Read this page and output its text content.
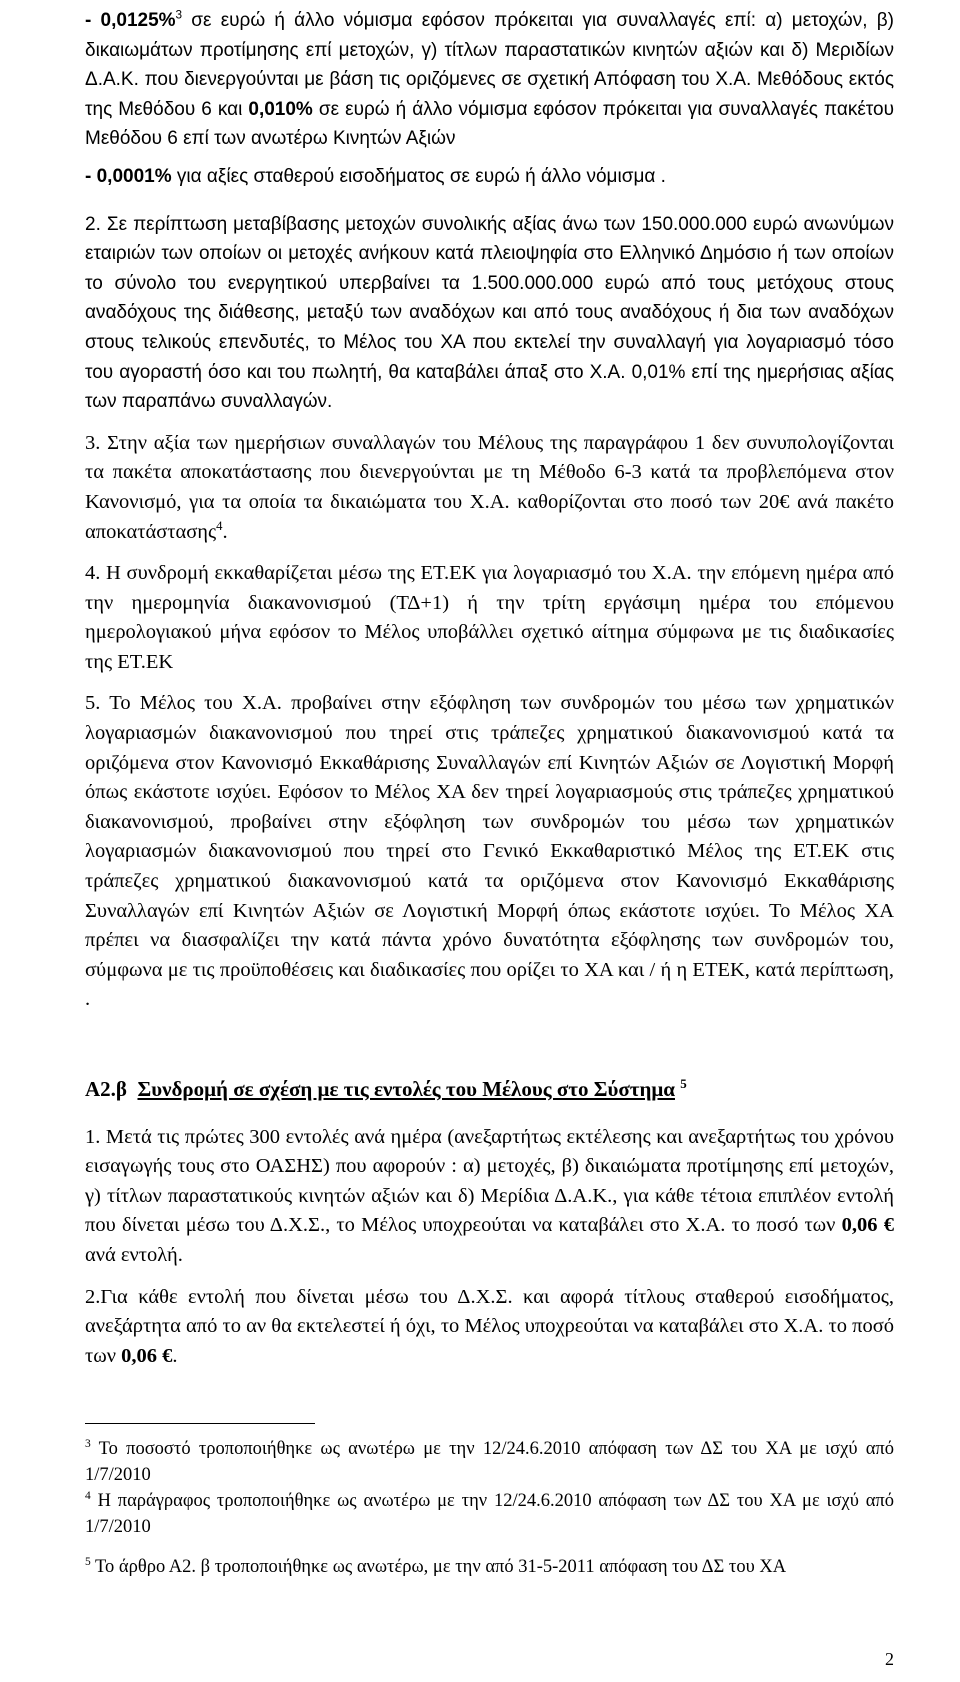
- 0,0125%$^3$ σε ευρώ ή άλλο νόμισμα εφόσον πρόκειται για συναλλαγές επί: α) μετοχών, β) δικαιωμάτων προτίμησης επί μετοχών, γ) τίτλων παραστατικών κινητών αξιών και δ) Μεριδίων Δ.Α.Κ. που διενεργούνται με βάση τις οριζόμενες σε σχετική Απόφαση του Χ.Α. Μεθόδους εκτός της Μεθόδου 6 και 0,010% σε ευρώ ή άλλο νόμισμα εφόσον πρόκειται για συναλλαγές πακέτου Μεθόδου 6 επί των ανωτέρω Κινητών Αξιών

- 0,0001% για αξίες σταθερού εισοδήματος σε ευρώ ή άλλο νόμισμα .

2. Σε περίπτωση μεταβίβασης μετοχών συνολικής αξίας άνω των 150.000.000 ευρώ ανωνύμων εταιριών των οποίων οι μετοχές ανήκουν κατά πλειοψηφία στο Ελληνικό Δημόσιο ή των οποίων το σύνολο του ενεργητικού υπερβαίνει τα 1.500.000.000 ευρώ από τους μετόχους στους αναδόχους της διάθεσης, μεταξύ των αναδόχων και από τους αναδόχους ή δια των αναδόχων στους τελικούς επενδυτές, το Μέλος του ΧΑ που εκτελεί την συναλλαγή για λογαριασμό τόσο του αγοραστή όσο και του πωλητή, θα καταβάλει άπαξ στο Χ.Α. 0,01% επί της ημερήσιας αξίας των παραπάνω συναλλαγών.

3. Στην αξία των ημερήσιων συναλλαγών του Μέλους της παραγράφου 1 δεν συνυπολογίζονται τα πακέτα αποκατάστασης που διενεργούνται με τη Μέθοδο 6-3 κατά τα προβλεπόμενα στον Κανονισμό, για τα οποία τα δικαιώματα του Χ.Α. καθορίζονται στο ποσό των 20€ ανά πακέτο αποκατάστασης$^4$.

4. Η συνδρομή εκκαθαρίζεται μέσω της ΕΤ.ΕΚ για λογαριασμό του Χ.Α. την επόμενη ημέρα από την ημερομηνία διακανονισμού (ΤΔ+1) ή την τρίτη εργάσιμη ημέρα του επόμενου ημερολογιακού μήνα εφόσον το Μέλος υποβάλλει σχετικό αίτημα σύμφωνα με τις διαδικασίες της ΕΤ.ΕΚ

5. Το Μέλος του Χ.Α. προβαίνει στην εξόφληση των συνδρομών του μέσω των χρηματικών λογαριασμών διακανονισμού που τηρεί στις τράπεζες χρηματικού διακανονισμού κατά τα οριζόμενα στον Κανονισμό Εκκαθάρισης Συναλλαγών επί Κινητών Αξιών σε Λογιστική Μορφή όπως εκάστοτε ισχύει. Εφόσον το Μέλος ΧΑ δεν τηρεί λογαριασμούς στις τράπεζες χρηματικού διακανονισμού, προβαίνει στην εξόφληση των συνδρομών του μέσω των χρηματικών λογαριασμών διακανονισμού που τηρεί στο Γενικό Εκκαθαριστικό Μέλος της ΕΤ.ΕΚ στις τράπεζες χρηματικού διακανονισμού κατά τα οριζόμενα στον Κανονισμό Εκκαθάρισης Συναλλαγών επί Κινητών Αξιών σε Λογιστική Μορφή όπως εκάστοτε ισχύει. Το Μέλος ΧΑ πρέπει να διασφαλίζει την κατά πάντα χρόνο δυνατότητα εξόφλησης των συνδρομών του, σύμφωνα με τις προϋποθέσεις και διαδικασίες που ορίζει το ΧΑ και / ή η ΕΤΕΚ, κατά περίπτωση, .

Α2.β Συνδρομή σε σχέση με τις εντολές του Μέλους στο Σύστημα $^5$

1. Μετά τις πρώτες 300 εντολές ανά ημέρα (ανεξαρτήτως εκτέλεσης και ανεξαρτήτως του χρόνου εισαγωγής τους στο ΟΑΣΗΣ) που αφορούν : α) μετοχές, β) δικαιώματα προτίμησης επί μετοχών, γ) τίτλων παραστατικούς κινητών αξιών και δ) Μερίδια Δ.Α.Κ., για κάθε τέτοια επιπλέον εντολή που δίνεται μέσω του Δ.Χ.Σ., το Μέλος υποχρεούται να καταβάλει στο Χ.Α. το ποσό των 0,06 € ανά εντολή.

2.Για κάθε εντολή που δίνεται μέσω του Δ.Χ.Σ. και αφορά τίτλους σταθερού εισοδήματος, ανεξάρτητα από το αν θα εκτελεστεί ή όχι, το Μέλος υποχρεούται να καταβάλει στο Χ.Α. το ποσό των 0,06 €.

$^3$ Το ποσοστό τροποποιήθηκε ως ανωτέρω με την 12/24.6.2010 απόφαση των ΔΣ του ΧΑ με ισχύ από 1/7/2010

$^4$ Η παράγραφος τροποποιήθηκε ως ανωτέρω με την 12/24.6.2010 απόφαση των ΔΣ του ΧΑ με ισχύ από 1/7/2010

$^5$ Το άρθρο Α2. β τροποποιήθηκε ως ανωτέρω, με την από 31-5-2011 απόφαση του ΔΣ του ΧΑ

2
